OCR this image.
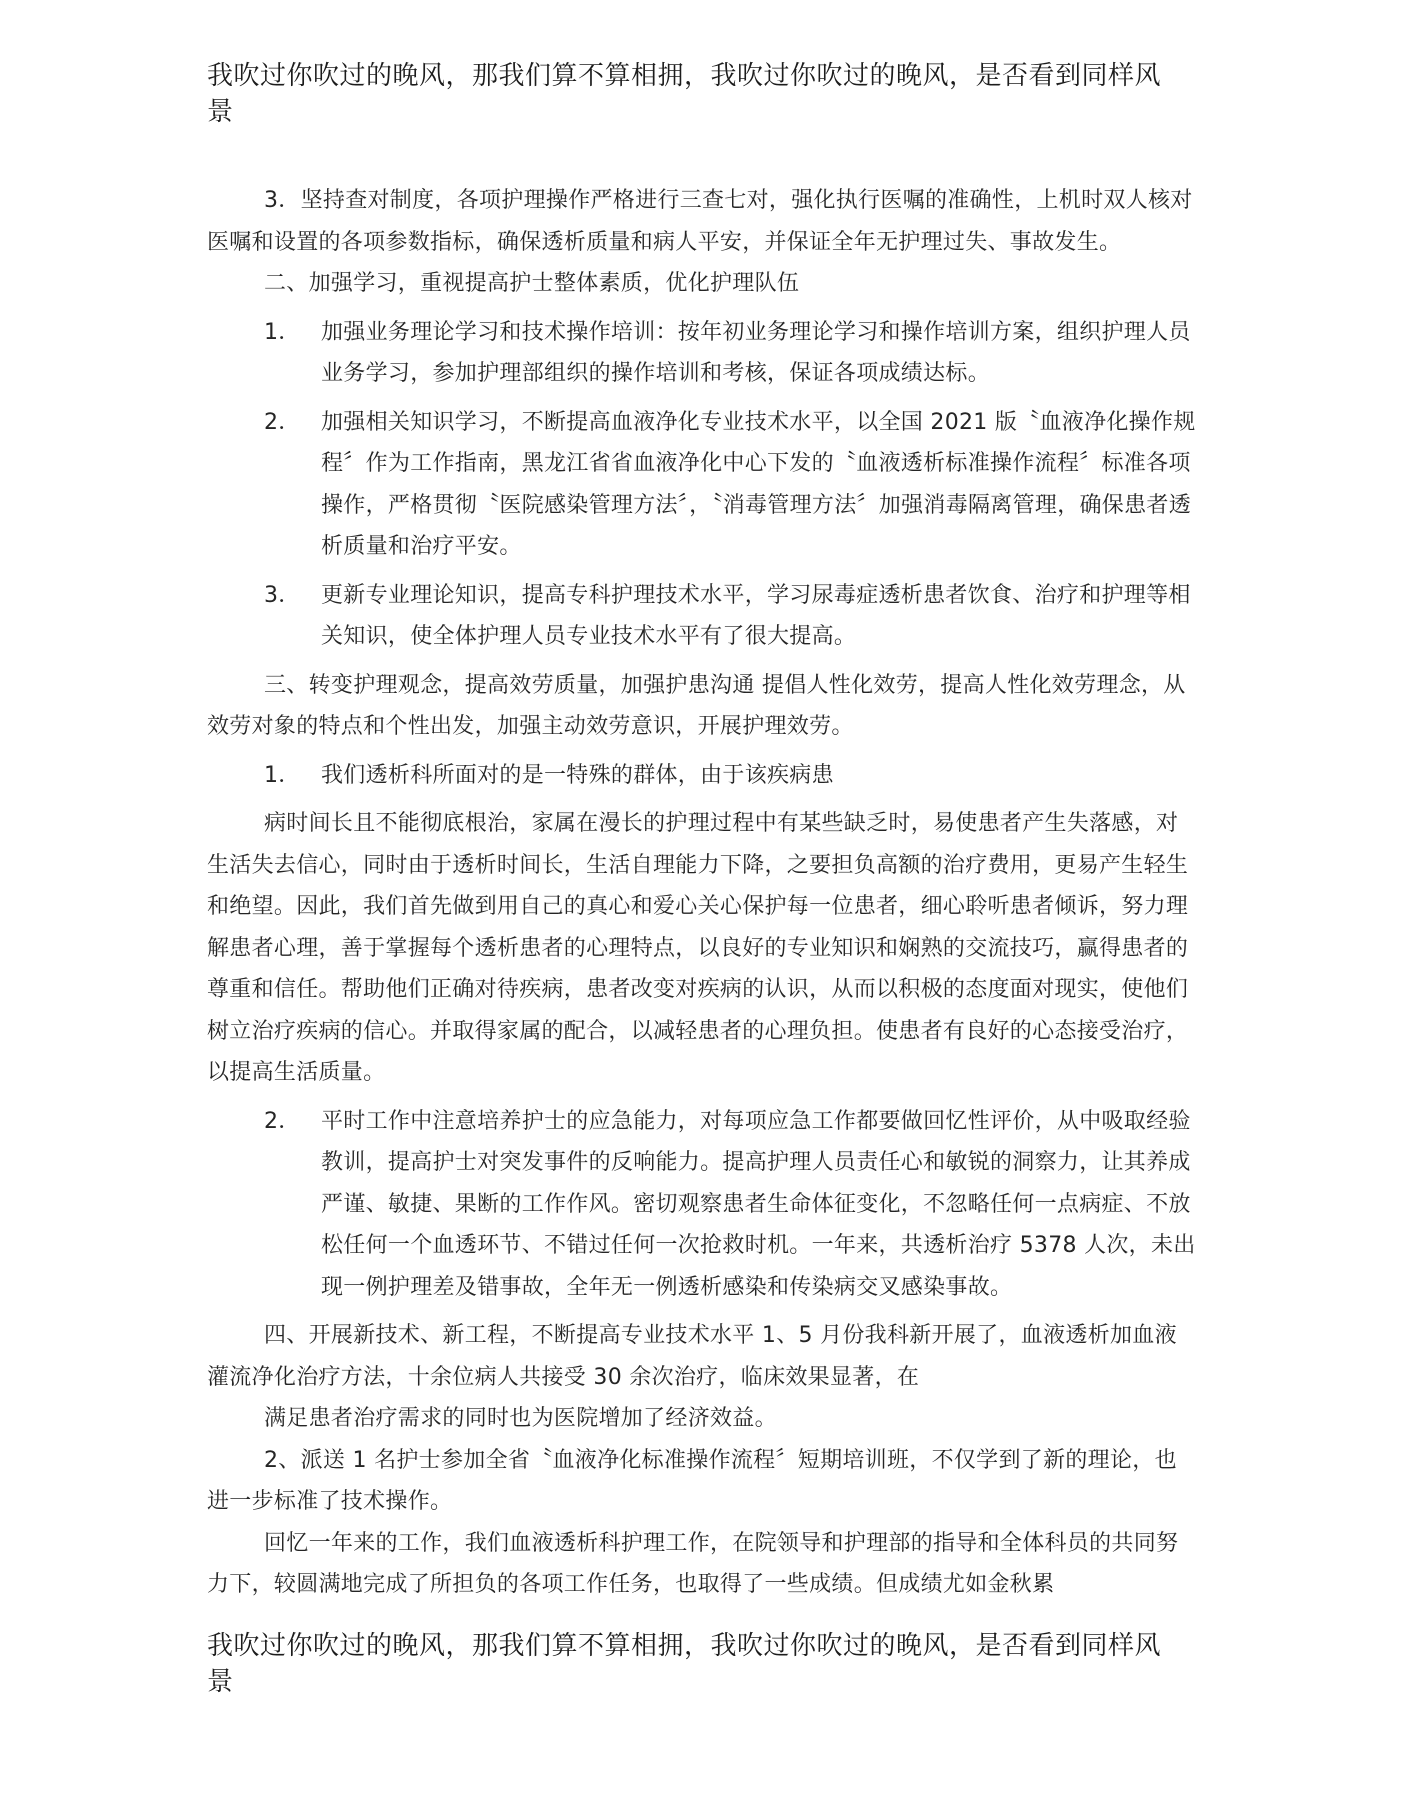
我吹过你吹过的晚风，那我们算不算相拥，我吹过你吹过的晚风，是否看到同样风
景

3．坚持查对制度，各项护理操作严格进行三查七对，强化执行医嘱的准确性，上机时双人核对医嘱和设置的各项参数指标，确保透析质量和病人平安，并保证全年无护理过失、事故发生。

二、加强学习，重视提高护士整体素质，优化护理队伍

1． 加强业务理论学习和技术操作培训：按年初业务理论学习和操作培训方案，组织护理人员业务学习，参加护理部组织的操作培训和考核，保证各项成绩达标。
2． 加强相关知识学习，不断提高血液净化专业技术水平，以全国 2021 版〝血液净化操作规程〞作为工作指南，黑龙江省省血液净化中心下发的〝血液透析标准操作流程〞标准各项操作，严格贯彻〝医院感染管理方法〞，〝消毒管理方法〞加强消毒隔离管理，确保患者透析质量和治疗平安。
3． 更新专业理论知识，提高专科护理技术水平，学习尿毒症透析患者饮食、治疗和护理等相关知识，使全体护理人员专业技术水平有了很大提高。

三、转变护理观念，提高效劳质量，加强护患沟通 提倡人性化效劳，提高人性化效劳理念，从效劳对象的特点和个性出发，加强主动效劳意识，开展护理效劳。

1． 我们透析科所面对的是一特殊的群体，由于该疾病患

病时间长且不能彻底根治，家属在漫长的护理过程中有某些缺乏时，易使患者产生失落感，对生活失去信心，同时由于透析时间长，生活自理能力下降，之要担负高额的治疗费用，更易产生轻生和绝望。因此，我们首先做到用自己的真心和爱心关心保护每一位患者，细心聆听患者倾诉，努力理解患者心理，善于掌握每个透析患者的心理特点，以良好的专业知识和娴熟的交流技巧，赢得患者的尊重和信任。帮助他们正确对待疾病，患者改变对疾病的认识，从而以积极的态度面对现实，使他们树立治疗疾病的信心。并取得家属的配合，以减轻患者的心理负担。使患者有良好的心态接受治疗，以提高生活质量。

2． 平时工作中注意培养护士的应急能力，对每项应急工作都要做回忆性评价，从中吸取经验教训，提高护士对突发事件的反响能力。提高护理人员责任心和敏锐的洞察力，让其养成严谨、敏捷、果断的工作作风。密切观察患者生命体征变化，不忽略任何一点病症、不放松任何一个血透环节、不错过任何一次抢救时机。一年来，共透析治疗 5378 人次，未出现一例护理差及错事故，全年无一例透析感染和传染病交叉感染事故。

四、开展新技术、新工程，不断提高专业技术水平 1、5 月份我科新开展了，血液透析加血液灌流净化治疗方法，十余位病人共接受 30 余次治疗，临床效果显著，在

满足患者治疗需求的同时也为医院增加了经济效益。

2、派送 1 名护士参加全省〝血液净化标准操作流程〞短期培训班，不仅学到了新的理论，也进一步标准了技术操作。

回忆一年来的工作，我们血液透析科护理工作，在院领导和护理部的指导和全体科员的共同努力下，较圆满地完成了所担负的各项工作任务，也取得了一些成绩。但成绩尤如金秋累

我吹过你吹过的晚风，那我们算不算相拥，我吹过你吹过的晚风，是否看到同样风
景
